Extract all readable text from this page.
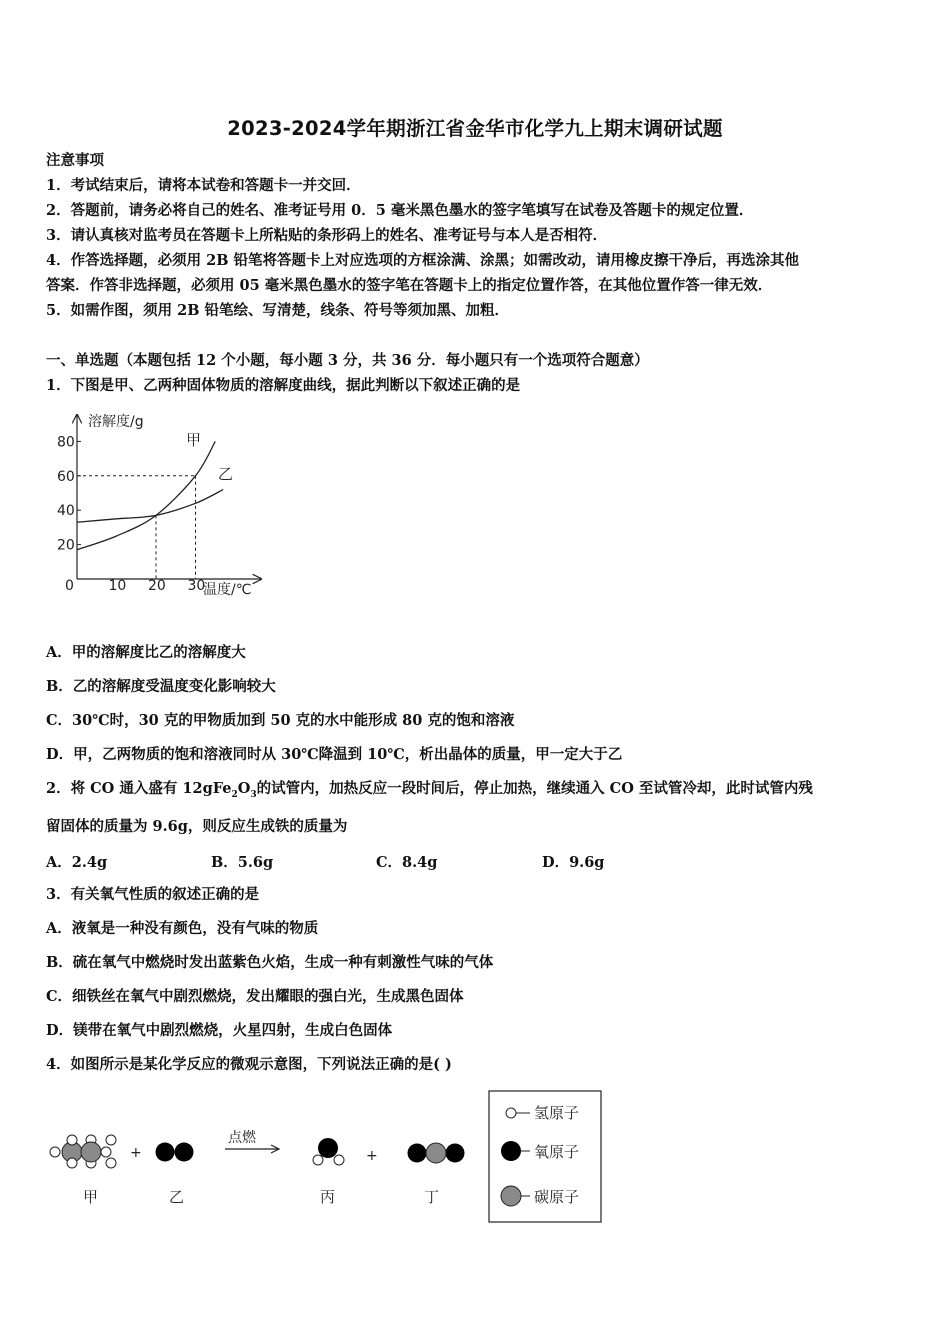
2023-2024学年期浙江省金华市化学九上期末调研试题
注意事项
1．考试结束后，请将本试卷和答题卡一并交回．
2．答题前，请务必将自己的姓名、准考证号用 0．5 毫米黑色墨水的签字笔填写在试卷及答题卡的规定位置．
3．请认真核对监考员在答题卡上所粘贴的条形码上的姓名、准考证号与本人是否相符．
4．作答选择题，必须用 2B 铅笔将答题卡上对应选项的方框涂满、涂黑；如需改动，请用橡皮擦干净后，再选涂其他
答案．作答非选择题，必须用 05 毫米黑色墨水的签字笔在答题卡上的指定位置作答，在其他位置作答一律无效．
5．如需作图，须用 2B 铅笔绘、写清楚，线条、符号等须加黑、加粗．
一、单选题（本题包括 12 个小题，每小题 3 分，共 36 分．每小题只有一个选项符合题意）
1．下图是甲、乙两种固体物质的溶解度曲线，据此判断以下叙述正确的是
溶解度/g
温度/℃
20
40
60
80
0 10 20 30
甲
乙
A．甲的溶解度比乙的溶解度大
B．乙的溶解度受温度变化影响较大
C．30℃时，30 克的甲物质加到 50 克的水中能形成 80 克的饱和溶液
D．甲，乙两物质的饱和溶液同时从 30℃降温到 10℃，析出晶体的质量，甲一定大于乙
2．将 CO 通入盛有 $12gFe_2O_3$的试管内，加热反应一段时间后，停止加热，继续通入 CO 至试管冷却，此时试管内残
留固体的质量为 9.6g，则反应生成铁的质量为
A．2.4g	B．5.6g	C．8.4g	D．9.6g
3．有关氧气性质的叙述正确的是
A．液氧是一种没有颜色，没有气味的物质
B．硫在氧气中燃烧时发出蓝紫色火焰，生成一种有刺激性气味的气体
C．细铁丝在氧气中剧烈燃烧，发出耀眼的强白光，生成黑色固体
D．镁带在氧气中剧烈燃烧，火星四射，生成白色固体
4．如图所示是某化学反应的微观示意图，下列说法正确的是( )
+
点燃
+
甲	乙	丙	丁
氢原子
氧原子
碳原子
